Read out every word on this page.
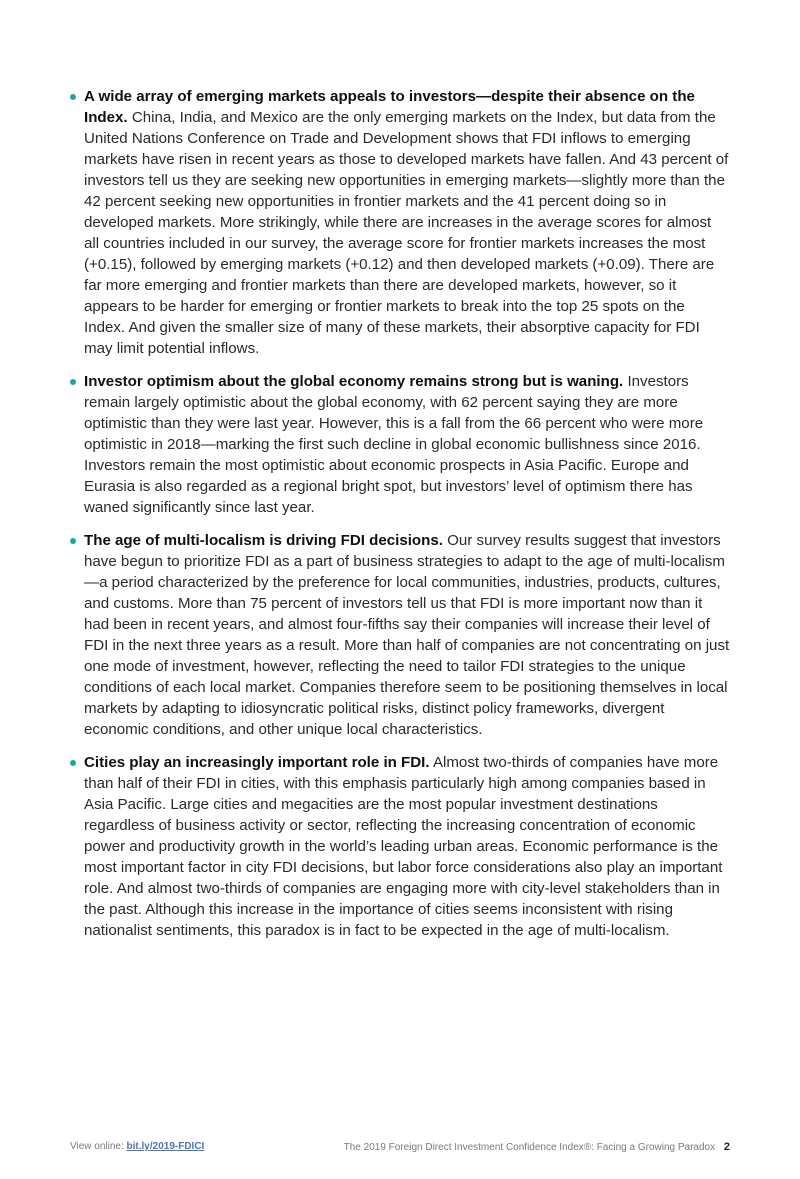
A wide array of emerging markets appeals to investors—despite their absence on the Index. China, India, and Mexico are the only emerging markets on the Index, but data from the United Nations Conference on Trade and Development shows that FDI inflows to emerging markets have risen in recent years as those to developed markets have fallen. And 43 percent of investors tell us they are seeking new opportunities in emerging markets—slightly more than the 42 percent seeking new opportunities in frontier markets and the 41 percent doing so in developed markets. More strikingly, while there are increases in the average scores for almost all countries included in our survey, the average score for frontier markets increases the most (+0.15), followed by emerging markets (+0.12) and then developed markets (+0.09). There are far more emerging and frontier markets than there are developed markets, however, so it appears to be harder for emerging or frontier markets to break into the top 25 spots on the Index. And given the smaller size of many of these markets, their absorptive capacity for FDI may limit potential inflows.
Investor optimism about the global economy remains strong but is waning. Investors remain largely optimistic about the global economy, with 62 percent saying they are more optimistic than they were last year. However, this is a fall from the 66 percent who were more optimistic in 2018—marking the first such decline in global economic bullishness since 2016. Investors remain the most optimistic about economic prospects in Asia Pacific. Europe and Eurasia is also regarded as a regional bright spot, but investors’ level of optimism there has waned significantly since last year.
The age of multi-localism is driving FDI decisions. Our survey results suggest that investors have begun to prioritize FDI as a part of business strategies to adapt to the age of multi-localism—a period characterized by the preference for local communities, industries, products, cultures, and customs. More than 75 percent of investors tell us that FDI is more important now than it had been in recent years, and almost four-fifths say their companies will increase their level of FDI in the next three years as a result. More than half of companies are not concentrating on just one mode of investment, however, reflecting the need to tailor FDI strategies to the unique conditions of each local market. Companies therefore seem to be positioning themselves in local markets by adapting to idiosyncratic political risks, distinct policy frameworks, divergent economic conditions, and other unique local characteristics.
Cities play an increasingly important role in FDI. Almost two-thirds of companies have more than half of their FDI in cities, with this emphasis particularly high among companies based in Asia Pacific. Large cities and megacities are the most popular investment destinations regardless of business activity or sector, reflecting the increasing concentration of economic power and productivity growth in the world’s leading urban areas. Economic performance is the most important factor in city FDI decisions, but labor force considerations also play an important role. And almost two-thirds of companies are engaging more with city-level stakeholders than in the past. Although this increase in the importance of cities seems inconsistent with rising nationalist sentiments, this paradox is in fact to be expected in the age of multi-localism.
View online: bit.ly/2019-FDICI	The 2019 Foreign Direct Investment Confidence Index®: Facing a Growing Paradox 2
